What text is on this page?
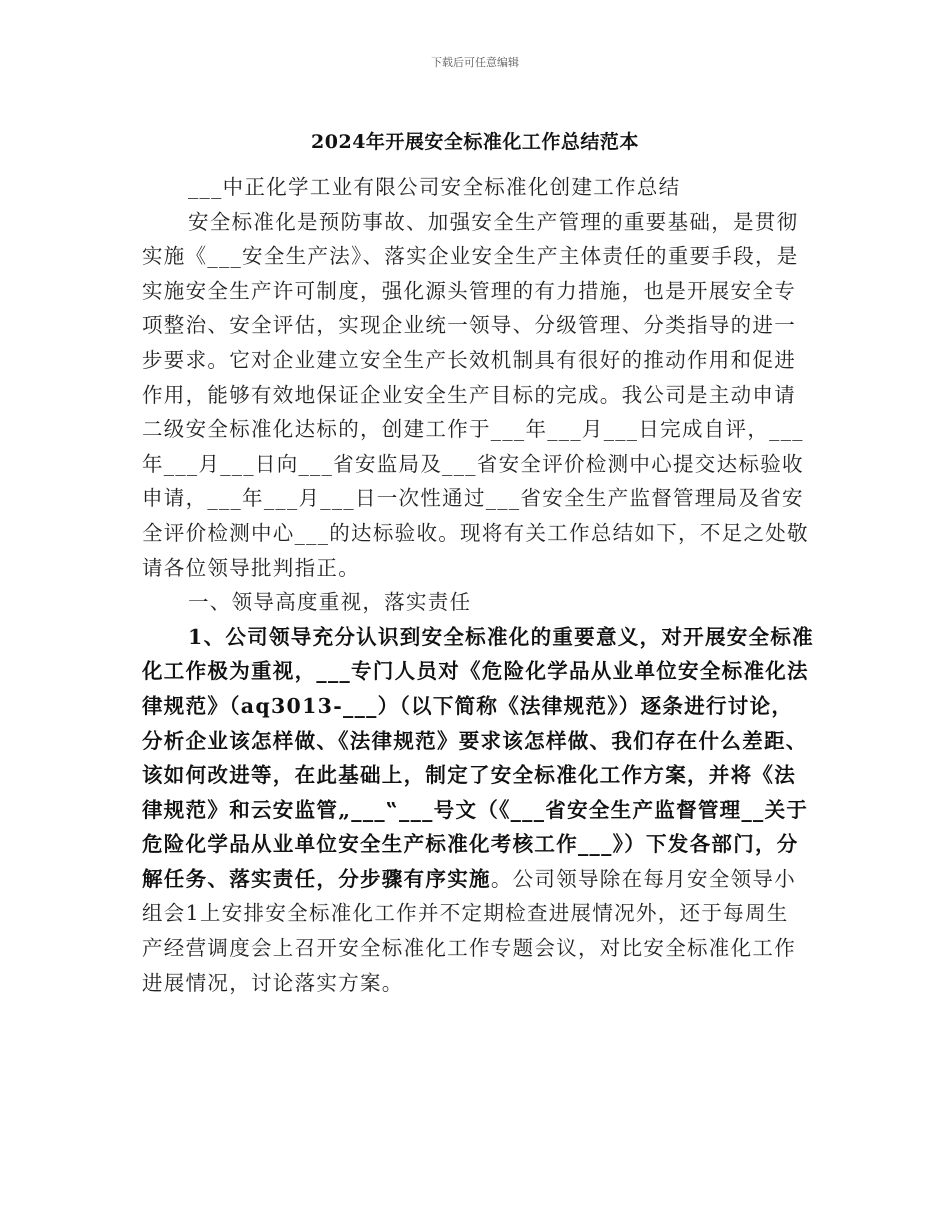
下载后可任意编辑
2024年开展安全标准化工作总结范本
___中正化学工业有限公司安全标准化创建工作总结
安全标准化是预防事故、加强安全生产管理的重要基础，是贯彻
实施《___安全生产法》、落实企业安全生产主体责任的重要手段，是
实施安全生产许可制度，强化源头管理的有力措施，也是开展安全专
项整治、安全评估，实现企业统一领导、分级管理、分类指导的进一
步要求。它对企业建立安全生产长效机制具有很好的推动作用和促进
作用，能够有效地保证企业安全生产目标的完成。我公司是主动申请
二级安全标准化达标的，创建工作于___年___月___日完成自评，___
年___月___日向___省安监局及___省安全评价检测中心提交达标验收
申请，___年___月___日一次性通过___省安全生产监督管理局及省安
全评价检测中心___的达标验收。现将有关工作总结如下，不足之处敬
请各位领导批判指正。
一、领导高度重视，落实责任
1、公司领导充分认识到安全标准化的重要意义，对开展安全标准
化工作极为重视，___专门人员对《危险化学品从业单位安全标准化法
律规范》（aq3013-___）（以下简称《法律规范》）逐条进行讨论，
分析企业该怎样做、《法律规范》要求该怎样做、我们存在什么差距、
该如何改进等，在此基础上，制定了安全标准化工作方案，并将《法
律规范》和云安监管„___‟___号文（《___省安全生产监督管理__关于
危险化学品从业单位安全生产标准化考核工作___》）下发各部门，分
解任务、落实责任，分步骤有序实施。公司领导除在每月安全领导小
组会1上安排安全标准化工作并不定期检查进展情况外，还于每周生
产经营调度会上召开安全标准化工作专题会议，对比安全标准化工作
进展情况，讨论落实方案。
